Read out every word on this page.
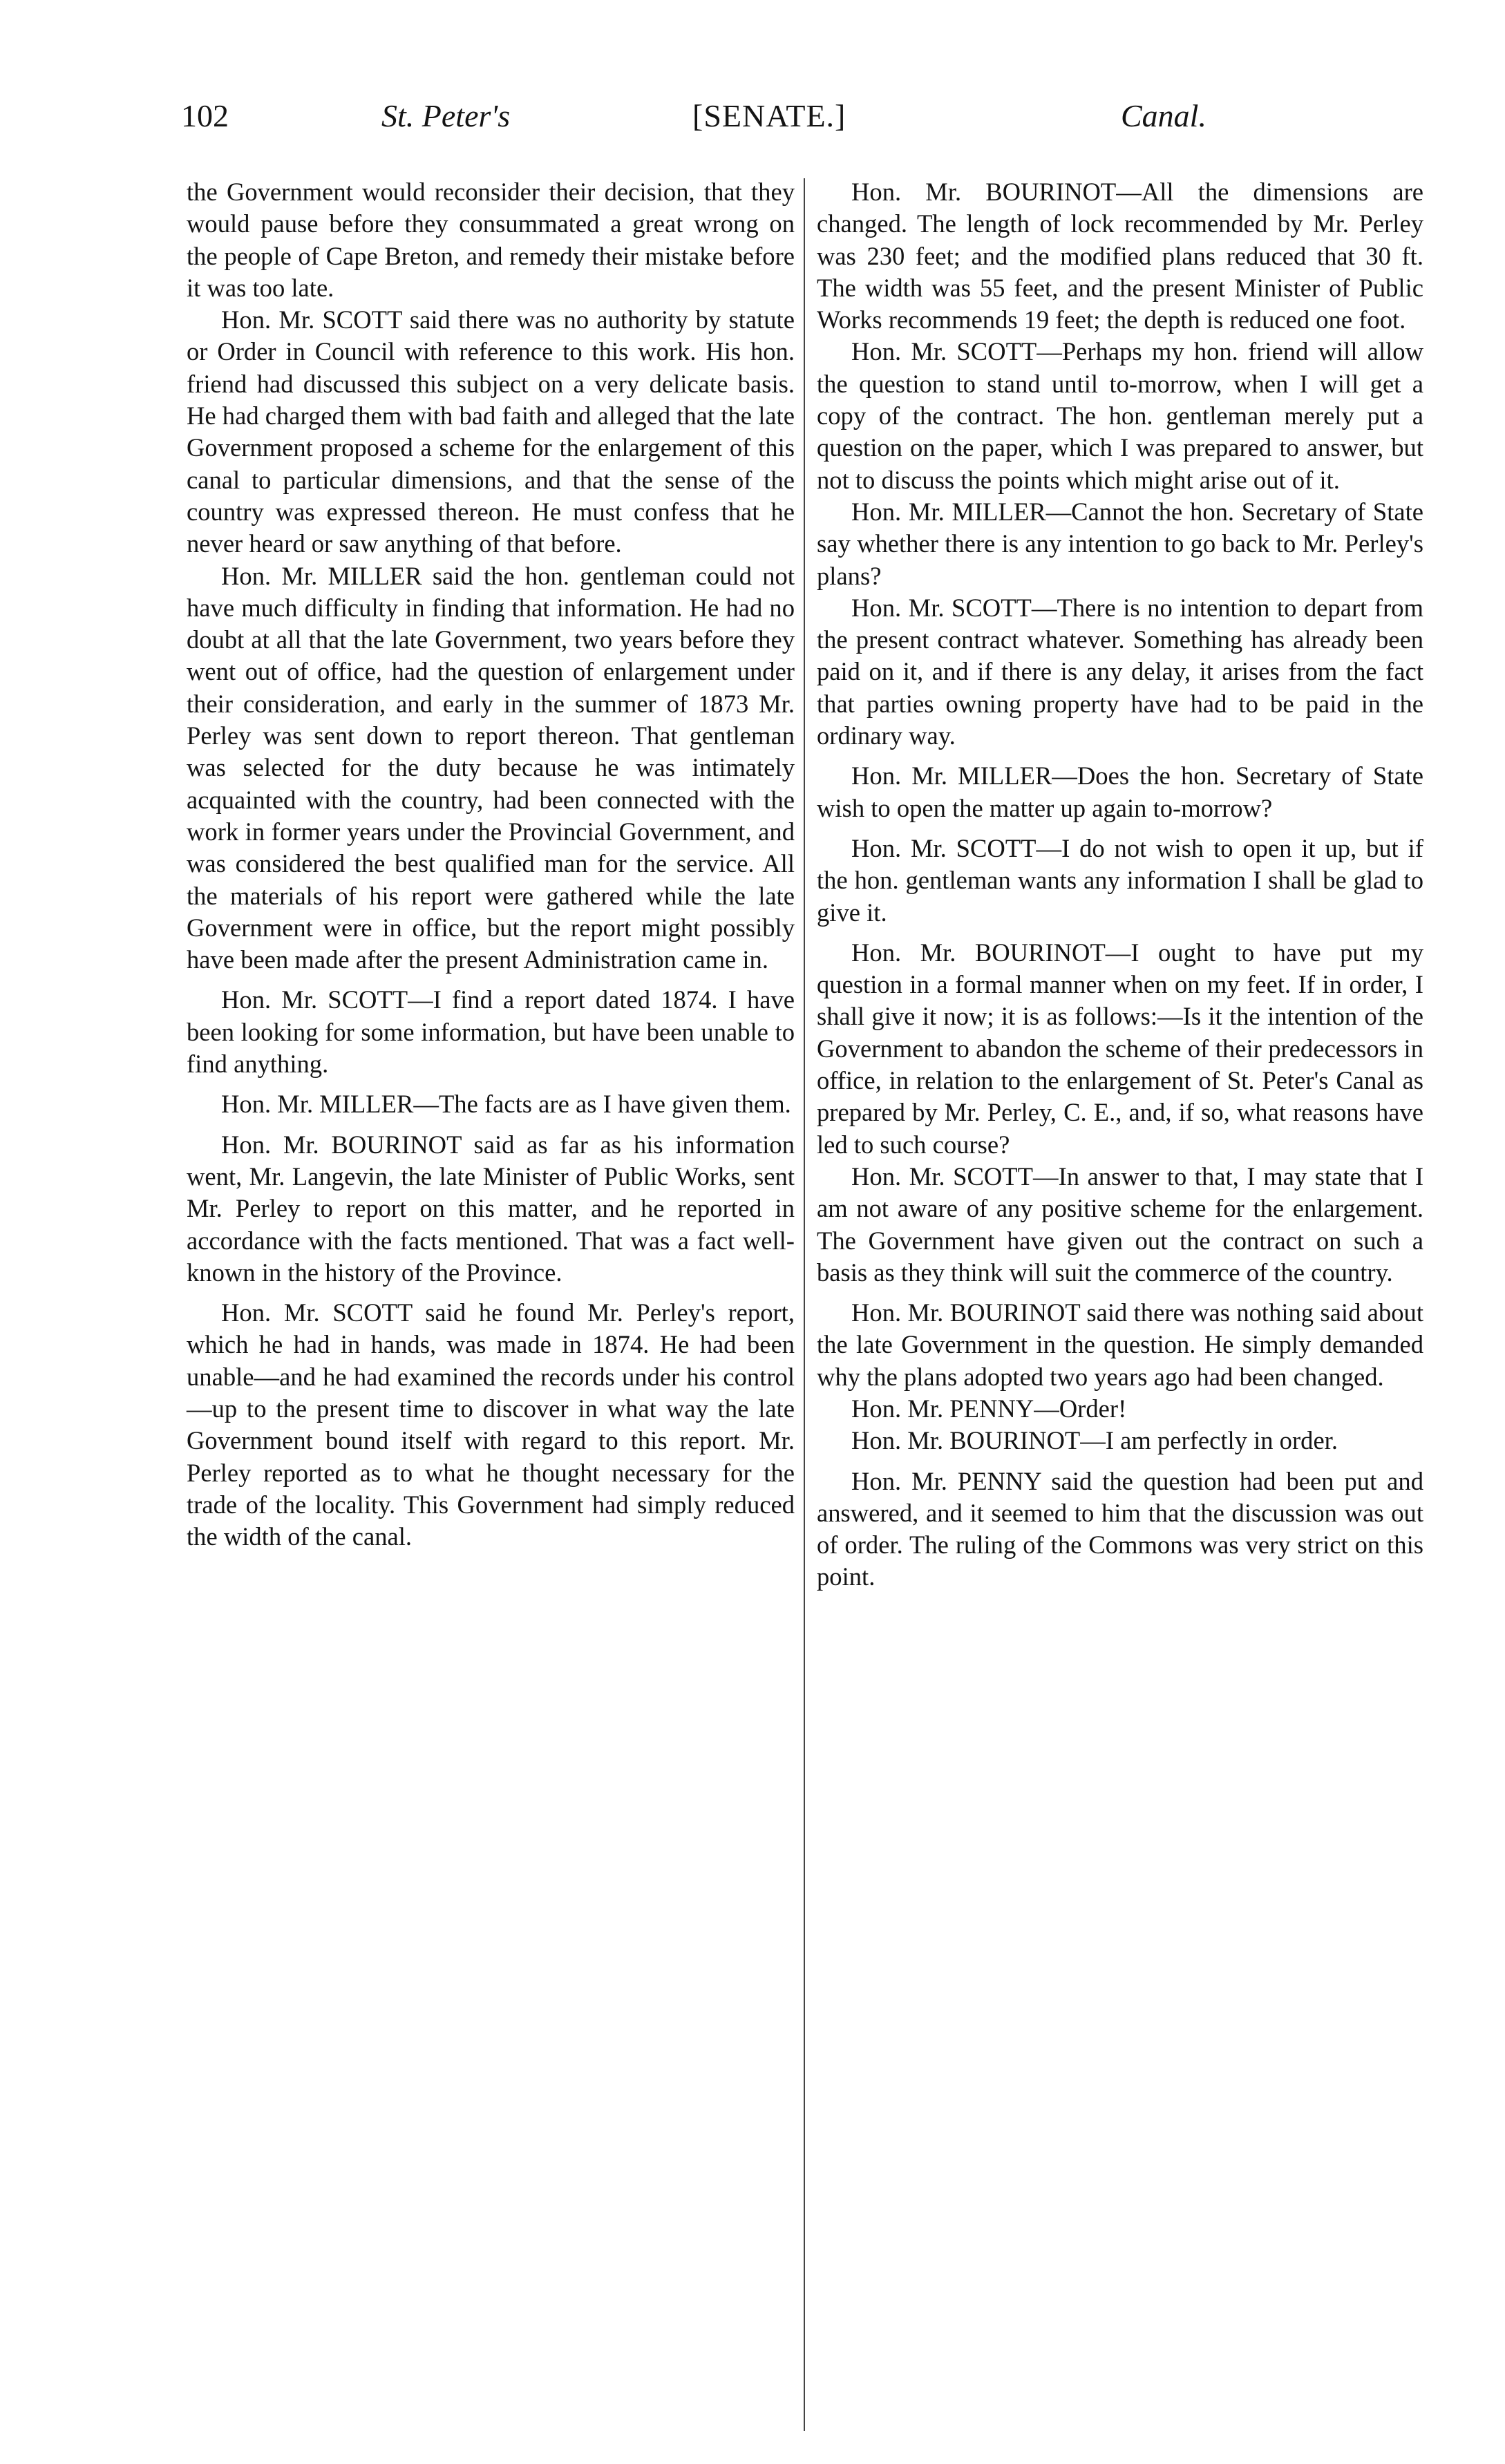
102	St. Peter's	[SENATE.]	Canal.

the Government would reconsider their decision, that they would pause before they consummated a great wrong on the people of Cape Breton, and remedy their mistake before it was too late.

Hon. Mr. SCOTT said there was no authority by statute or Order in Council with reference to this work. His hon. friend had discussed this subject on a very delicate basis. He had charged them with bad faith and alleged that the late Government proposed a scheme for the enlargement of this canal to particular dimensions, and that the sense of the country was expressed thereon. He must confess that he never heard or saw anything of that before.

Hon. Mr. MILLER said the hon. gentleman could not have much difficulty in finding that information. He had no doubt at all that the late Government, two years before they went out of office, had the question of enlargement under their consideration, and early in the summer of 1873 Mr. Perley was sent down to report thereon. That gentleman was selected for the duty because he was intimately acquainted with the country, had been connected with the work in former years under the Provincial Government, and was considered the best qualified man for the service. All the materials of his report were gathered while the late Government were in office, but the report might possibly have been made after the present Administration came in.

Hon. Mr. SCOTT—I find a report dated 1874. I have been looking for some information, but have been unable to find anything.

Hon. Mr. MILLER—The facts are as I have given them.

Hon. Mr. BOURINOT said as far as his information went, Mr. Langevin, the late Minister of Public Works, sent Mr. Perley to report on this matter, and he reported in accordance with the facts mentioned. That was a fact well-known in the history of the Province.

Hon. Mr. SCOTT said he found Mr. Perley's report, which he had in hands, was made in 1874. He had been unable—and he had examined the records under his control—up to the present time to discover in what way the late Government bound itself with regard to this report. Mr. Perley reported as to what he thought necessary for the trade of the locality. This Government had simply reduced the width of the canal.

Hon. Mr. BOURINOT—All the dimensions are changed. The length of lock recommended by Mr. Perley was 230 feet; and the modified plans reduced that 30 ft. The width was 55 feet, and the present Minister of Public Works recommends 19 feet; the depth is reduced one foot.

Hon. Mr. SCOTT—Perhaps my hon. friend will allow the question to stand until to-morrow, when I will get a copy of the contract. The hon. gentleman merely put a question on the paper, which I was prepared to answer, but not to discuss the points which might arise out of it.

Hon. Mr. MILLER—Cannot the hon. Secretary of State say whether there is any intention to go back to Mr. Perley's plans?

Hon. Mr. SCOTT—There is no intention to depart from the present contract whatever. Something has already been paid on it, and if there is any delay, it arises from the fact that parties owning property have had to be paid in the ordinary way.

Hon. Mr. MILLER—Does the hon. Secretary of State wish to open the matter up again to-morrow?

Hon. Mr. SCOTT—I do not wish to open it up, but if the hon. gentleman wants any information I shall be glad to give it.

Hon. Mr. BOURINOT—I ought to have put my question in a formal manner when on my feet. If in order, I shall give it now; it is as follows:—Is it the intention of the Government to abandon the scheme of their predecessors in office, in relation to the enlargement of St. Peter's Canal as prepared by Mr. Perley, C. E., and, if so, what reasons have led to such course?

Hon. Mr. SCOTT—In answer to that, I may state that I am not aware of any positive scheme for the enlargement. The Government have given out the contract on such a basis as they think will suit the commerce of the country.

Hon. Mr. BOURINOT said there was nothing said about the late Government in the question. He simply demanded why the plans adopted two years ago had been changed.

Hon. Mr. PENNY—Order!

Hon. Mr. BOURINOT—I am perfectly in order.

Hon. Mr. PENNY said the question had been put and answered, and it seemed to him that the discussion was out of order. The ruling of the Commons was very strict on this point.
